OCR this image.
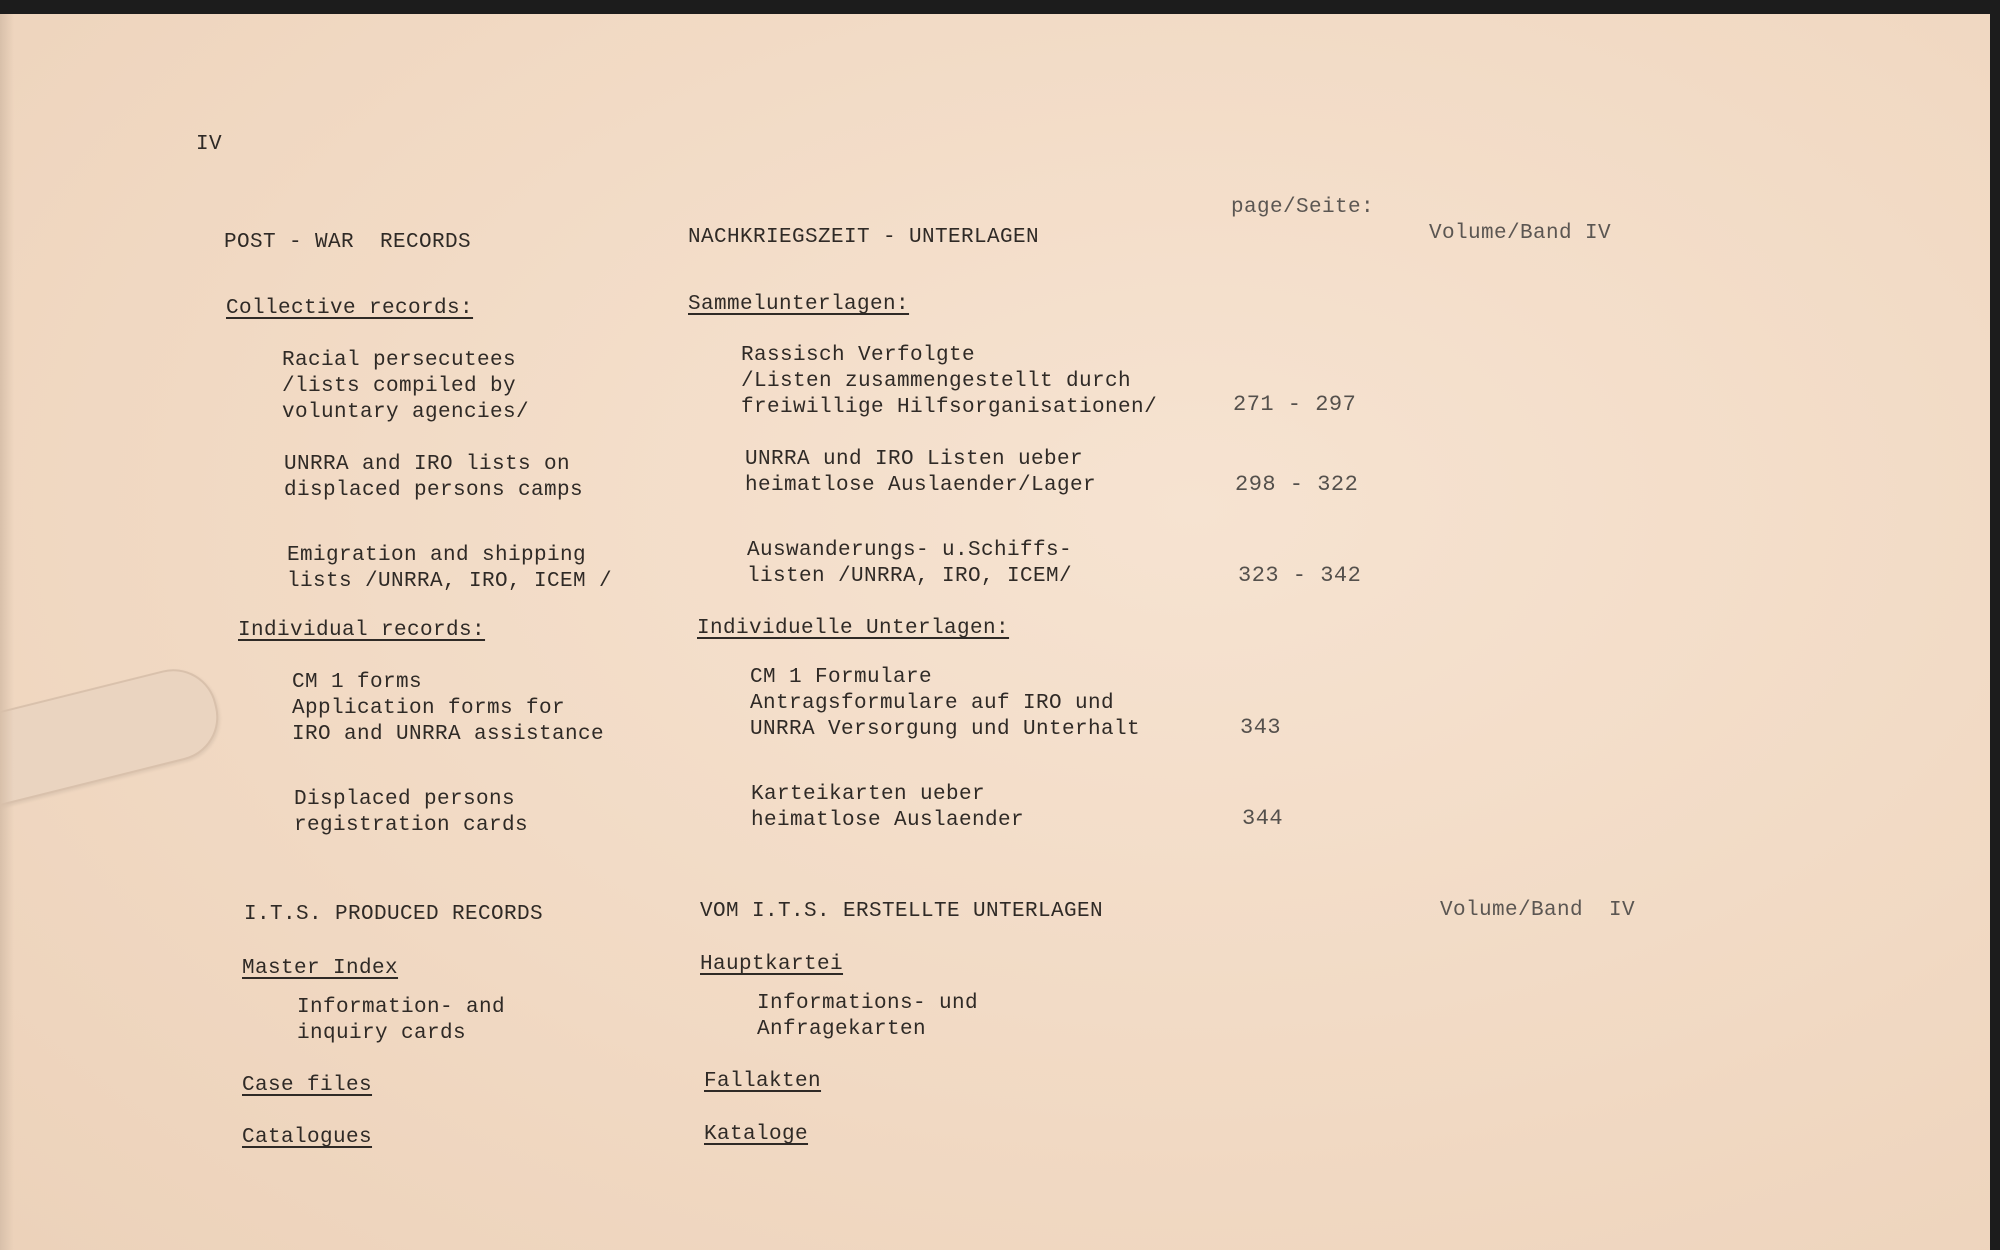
IV
POST - WAR  RECORDS	NACHKRIEGSZEIT - UNTERLAGEN
page/Seite:
Volume/Band IV
Collective records:	Sammelunterlagen:
Racial persecutees
/lists compiled by
voluntary agencies/
Rassisch Verfolgte
/Listen zusammengestellt durch
freiwillige Hilfsorganisationen/	271 - 297
UNRRA and IRO lists on
displaced persons camps
UNRRA und IRO Listen ueber
heimatlose Auslaender/Lager	298 - 322
Emigration and shipping
lists /UNRRA, IRO, ICEM /
Auswanderungs- u.Schiffs-
listen /UNRRA, IRO, ICEM/	323 - 342
Individual records:	Individuelle Unterlagen:
CM 1 forms
Application forms for
IRO and UNRRA assistance
CM 1 Formulare
Antragsformulare auf IRO und
UNRRA Versorgung und Unterhalt	343
Displaced persons
registration cards
Karteikarten ueber
heimatlose Auslaender	344
I.T.S. PRODUCED RECORDS	VOM I.T.S. ERSTELLTE UNTERLAGEN	Volume/Band  IV
Master Index	Hauptkartei
Information- and
inquiry cards
Informations- und
Anfragekarten
Case files	Fallakten
Catalogues	Kataloge
